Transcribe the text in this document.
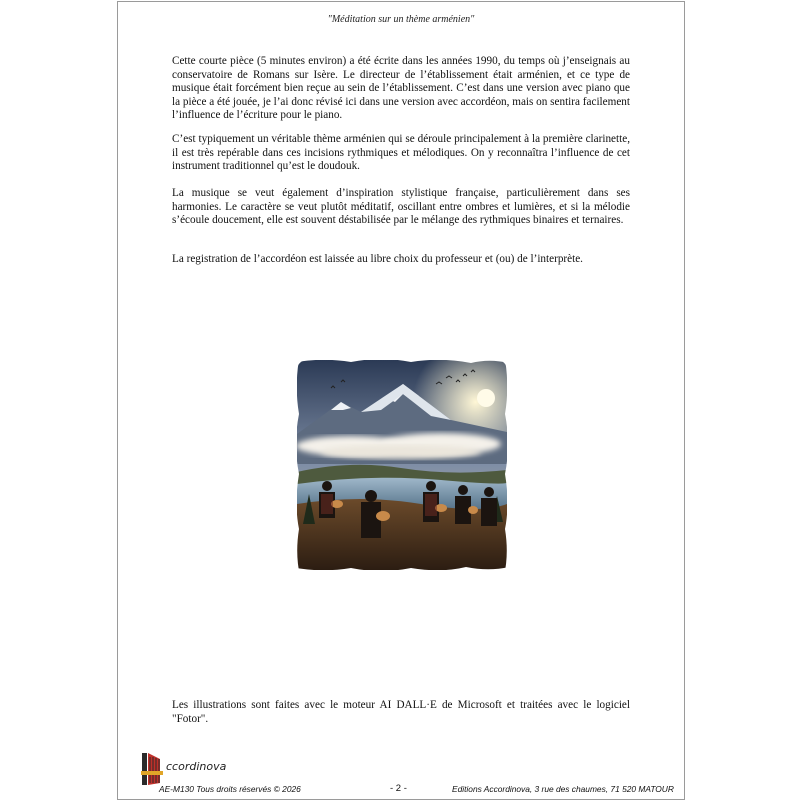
"Méditation sur un thème arménien"
Cette courte pièce (5 minutes environ) a été écrite dans les années 1990, du temps où j’enseignais au conservatoire de Romans sur Isère. Le directeur de l’établissement était arménien, et ce type de musique était forcément bien reçue au sein de l’établissement. C’est dans une version avec piano que la pièce a été jouée, je l’ai donc révisé ici dans une version avec accordéon, mais on sentira facilement l’influence de l’écriture pour le piano.
C’est typiquement un véritable thème arménien qui se déroule principalement à la première clarinette, il est très repérable dans ces incisions rythmiques et mélodiques. On y reconnaîtra l’influence de cet instrument traditionnel qu’est le doudouk.
La musique se veut également d’inspiration stylistique française, particulièrement dans ses harmonies. Le caractère se veut plutôt méditatif, oscillant entre ombres et lumières, et si la mélodie s’écoule doucement, elle est souvent déstabilisée par le mélange des rythmiques binaires et ternaires.
La registration de l’accordéon est laissée au libre choix du professeur et (ou) de l’interprète.
Les illustrations sont faites avec le moteur AI DALL·E de Microsoft et traitées avec le logiciel "Fotor".
ccordinova
AE-M130 Tous droits réservés © 2026	- 2 -	Editions Accordinova, 3 rue des chaumes, 71 520 MATOUR
